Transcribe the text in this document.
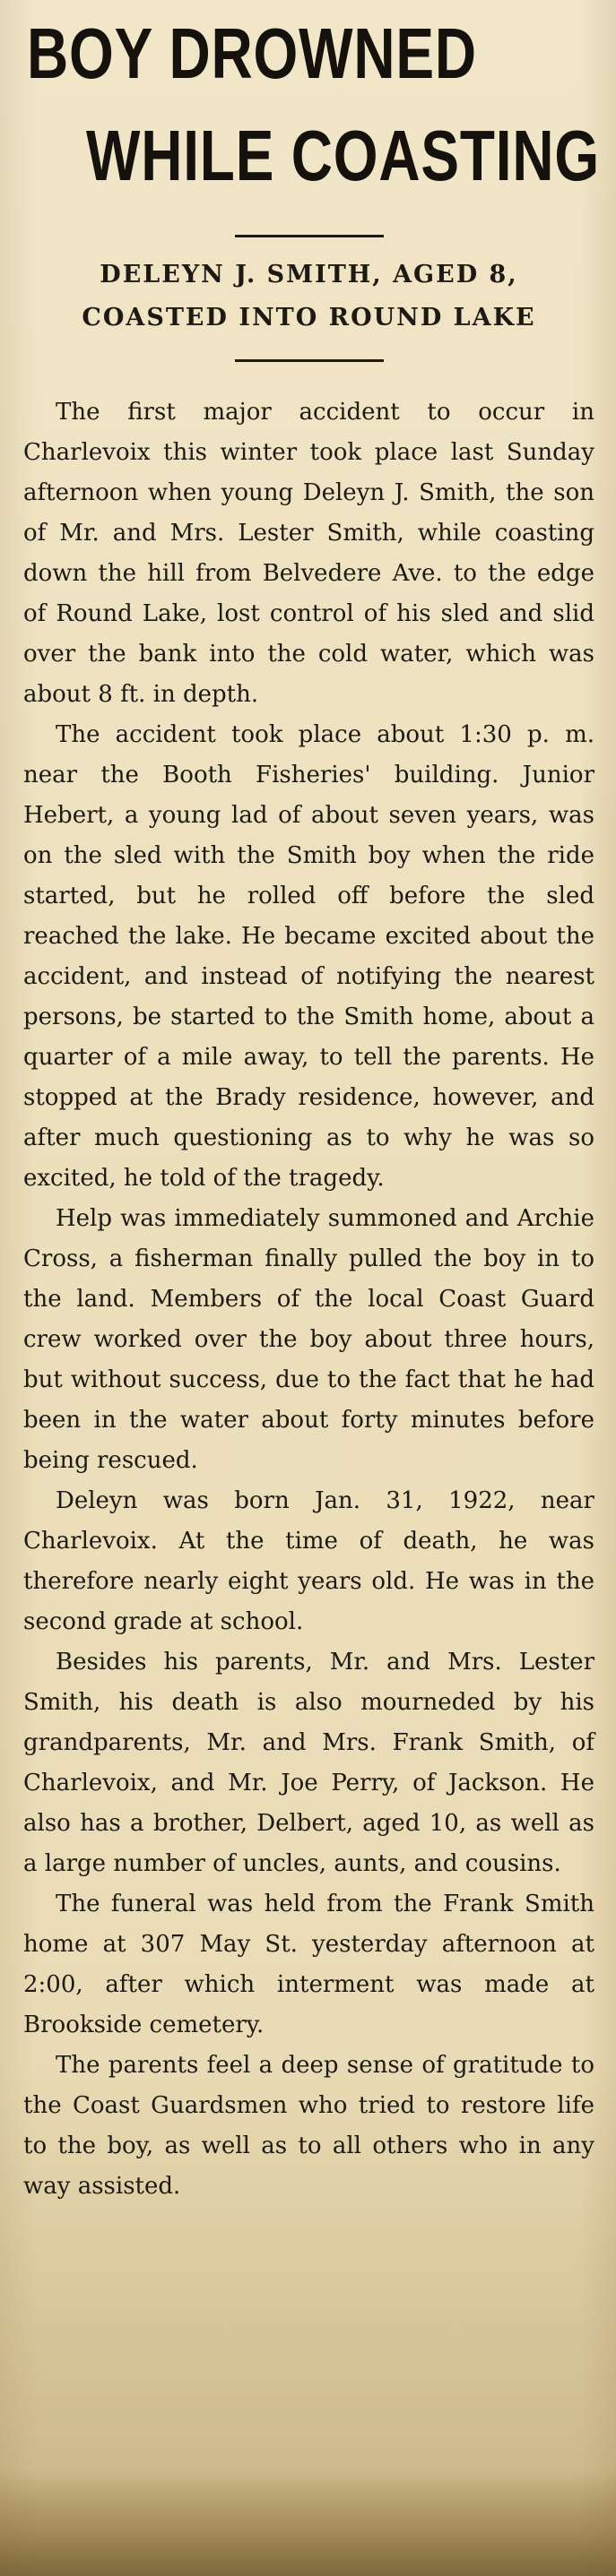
BOY DROWNED
WHILE COASTING
DELEYN J. SMITH, AGED 8,
COASTED INTO ROUND LAKE

The first major accident to occur in Charlevoix this winter took place last Sunday afternoon when young Deleyn J. Smith, the son of Mr. and Mrs. Lester Smith, while coasting down the hill from Belvedere Ave. to the edge of Round Lake, lost control of his sled and slid over the bank into the cold water, which was about 8 ft. in depth.

The accident took place about 1:30 p. m. near the Booth Fisheries' building. Junior Hebert, a young lad of about seven years, was on the sled with the Smith boy when the ride started, but he rolled off before the sled reached the lake. He became excited about the accident, and instead of notifying the nearest persons, be started to the Smith home, about a quarter of a mile away, to tell the parents. He stopped at the Brady residence, however, and after much questioning as to why he was so excited, he told of the tragedy.

Help was immediately summoned and Archie Cross, a fisherman finally pulled the boy in to the land. Members of the local Coast Guard crew worked over the boy about three hours, but without success, due to the fact that he had been in the water about forty minutes before being rescued.

Deleyn was born Jan. 31, 1922, near Charlevoix. At the time of death, he was therefore nearly eight years old. He was in the second grade at school.

Besides his parents, Mr. and Mrs. Lester Smith, his death is also mourneded by his grandparents, Mr. and Mrs. Frank Smith, of Charlevoix, and Mr. Joe Perry, of Jackson. He also has a brother, Delbert, aged 10, as well as a large number of uncles, aunts, and cousins.

The funeral was held from the Frank Smith home at 307 May St. yesterday afternoon at 2:00, after which interment was made at Brookside cemetery.

The parents feel a deep sense of gratitude to the Coast Guardsmen who tried to restore life to the boy, as well as to all others who in any way assisted.
